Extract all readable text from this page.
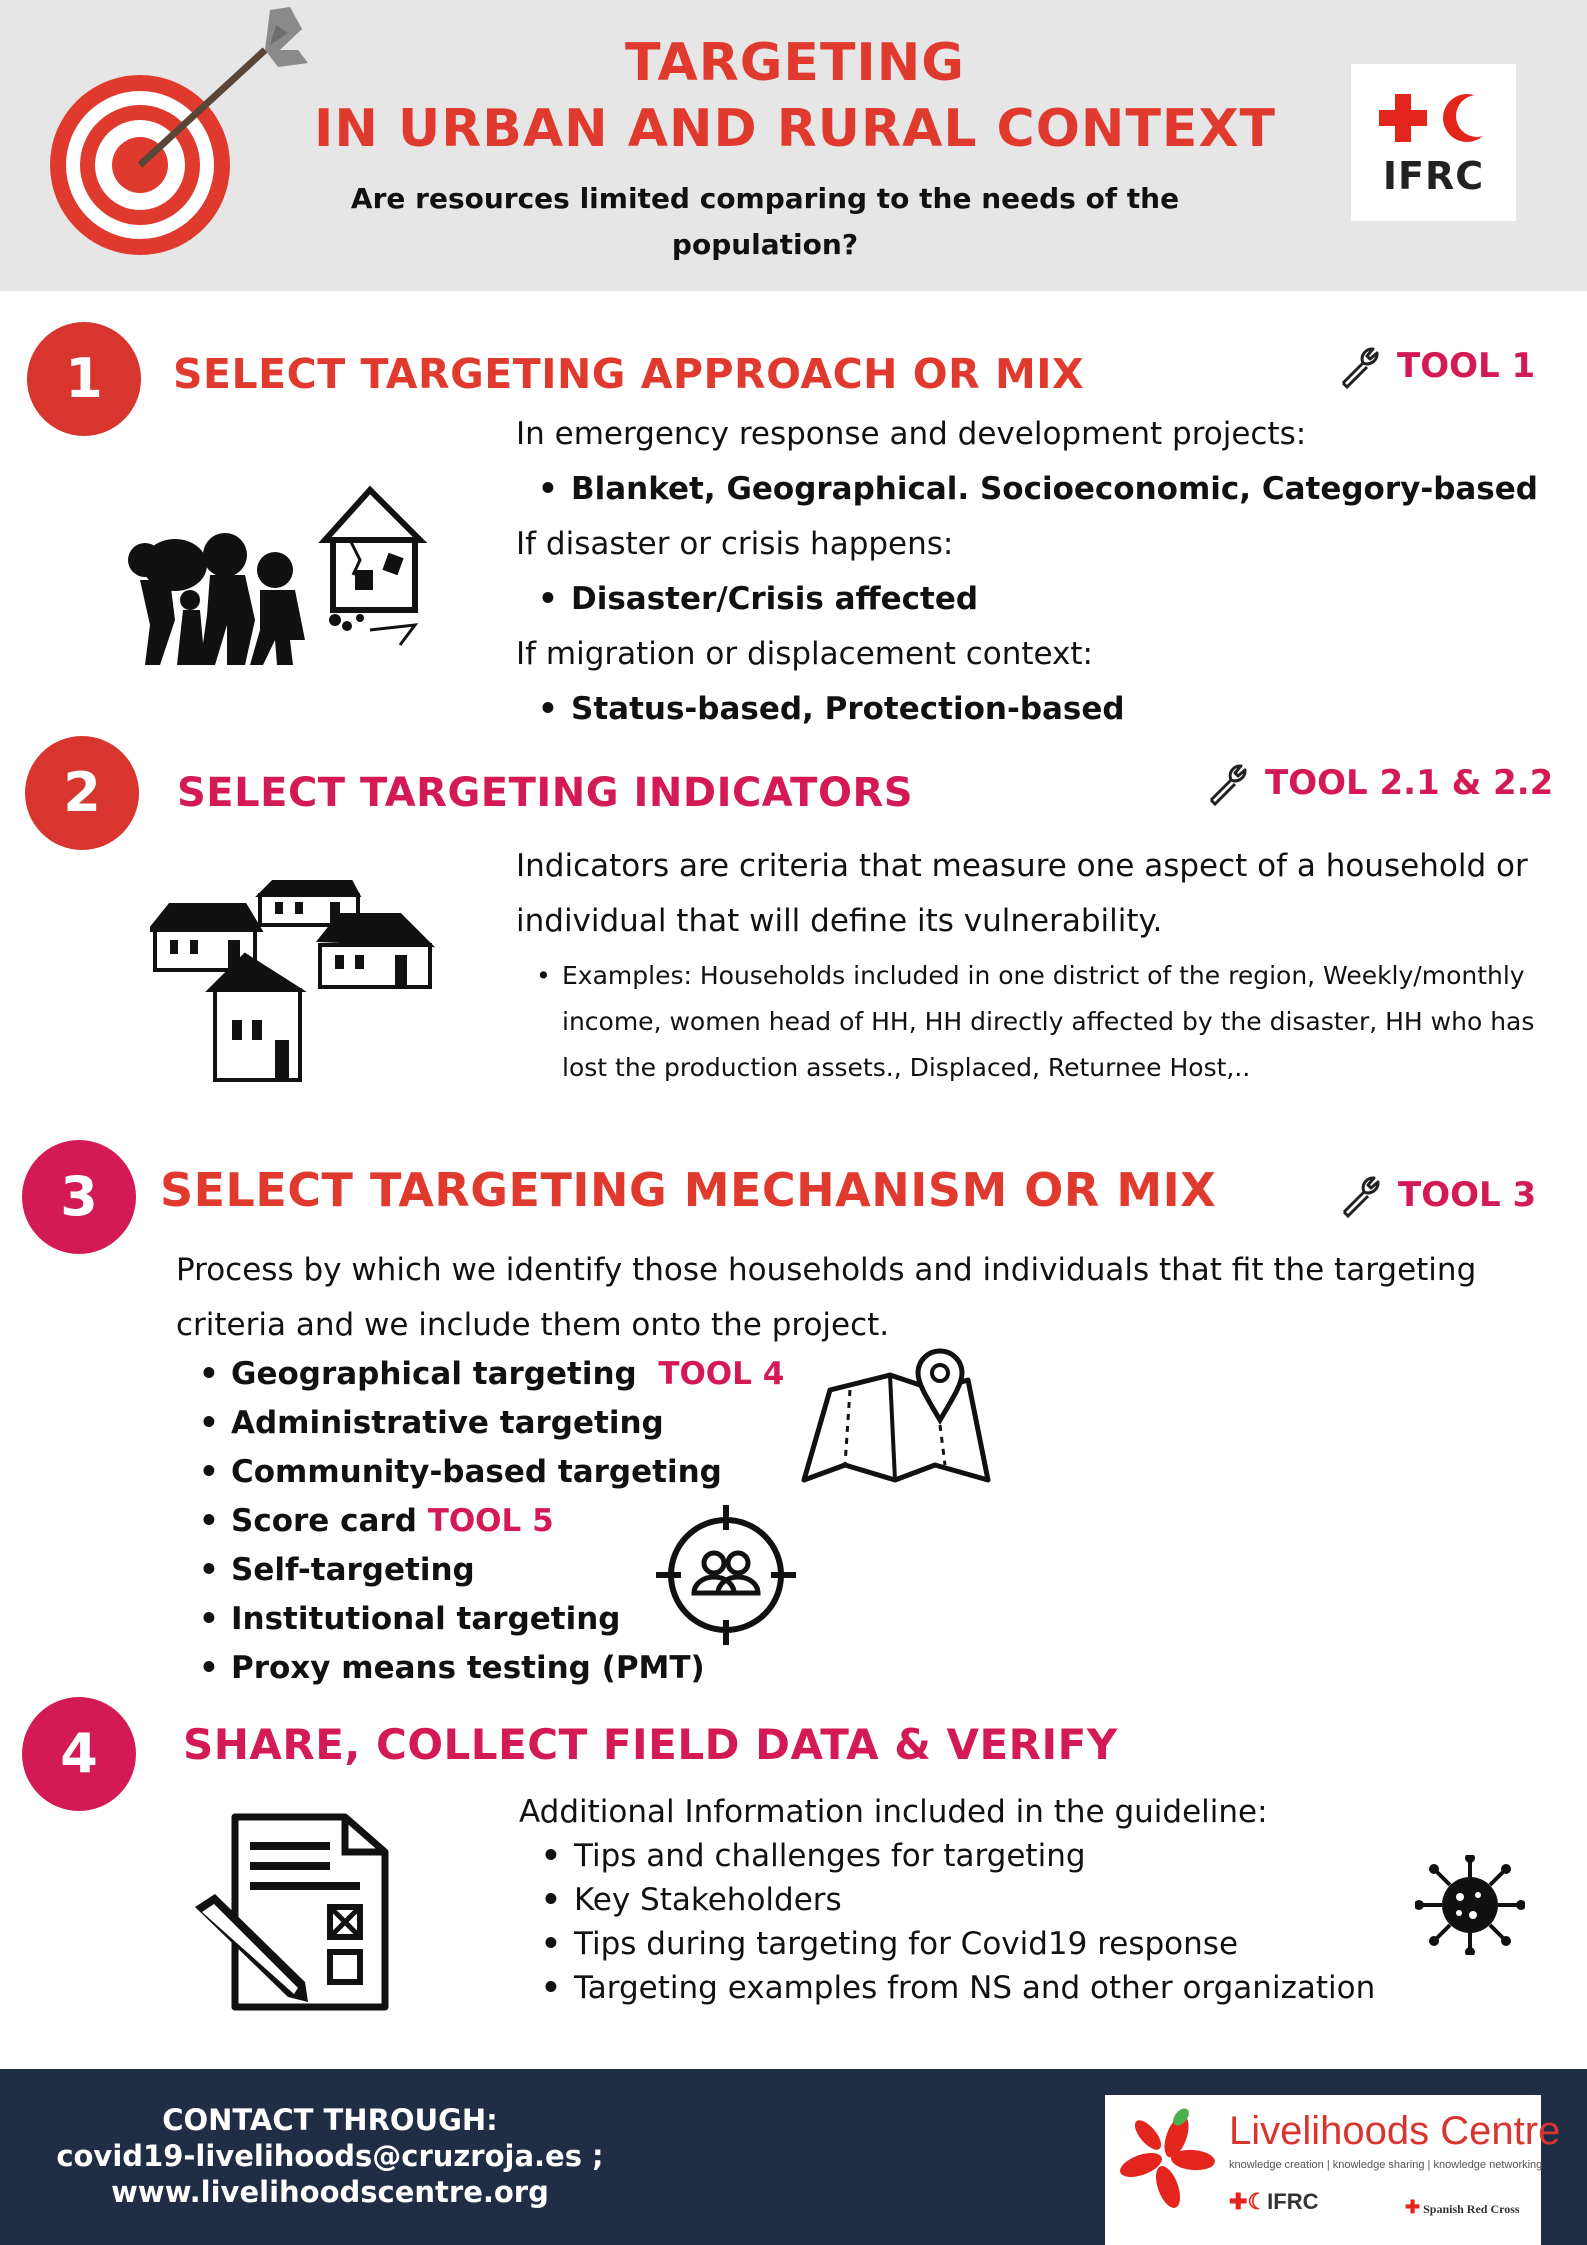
TARGETING
IN URBAN AND RURAL CONTEXT
Are resources limited comparing to the needs of the population?
IFRC
1	SELECT TARGETING APPROACH OR MIX	TOOL 1
In emergency response and development projects:
• Blanket, Geographical. Socioeconomic, Category-based
If disaster or crisis happens:
• Disaster/Crisis affected
If migration or displacement context:
• Status-based, Protection-based
2	SELECT TARGETING INDICATORS	TOOL 2.1 & 2.2
Indicators are criteria that measure one aspect of a household or individual that will define its vulnerability.
• Examples: Households included in one district of the region, Weekly/monthly income, women head of HH, HH directly affected by the disaster, HH who has lost the production assets., Displaced, Returnee Host,..
3	SELECT TARGETING MECHANISM OR MIX	TOOL 3
Process by which we identify those households and individuals that fit the targeting criteria and we include them onto the project.
• Geographical targeting TOOL 4
• Administrative targeting
• Community-based targeting
• Score card TOOL 5
• Self-targeting
• Institutional targeting
• Proxy means testing (PMT)
4	SHARE, COLLECT FIELD DATA & VERIFY
Additional Information included in the guideline:
• Tips and challenges for targeting
• Key Stakeholders
• Tips during targeting for Covid19 response
• Targeting examples from NS and other organization
CONTACT THROUGH:
covid19-livelihoods@cruzroja.es ;
www.livelihoodscentre.org
Livelihoods Centre
knowledge creation | knowledge sharing | knowledge networking
✚☾IFRC	✚ Spanish Red Cross
